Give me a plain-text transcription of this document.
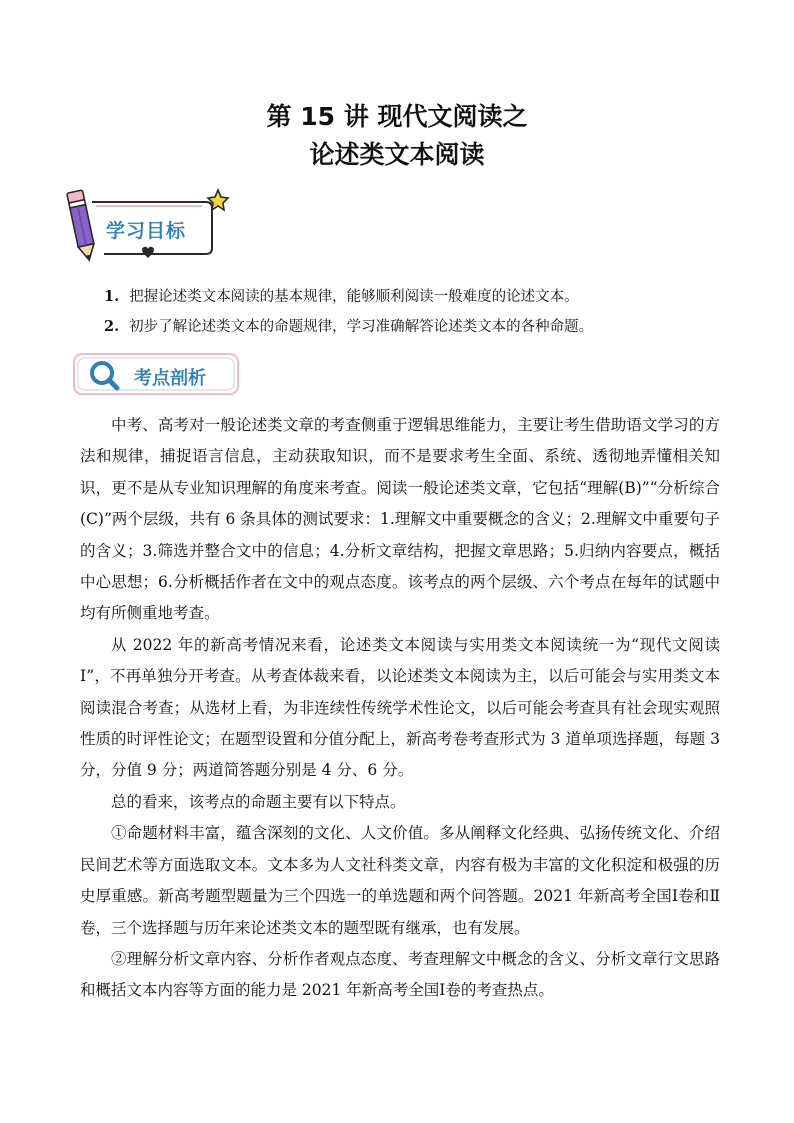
第 15 讲 现代文阅读之
论述类文本阅读
学习目标
1. 把握论述类文本阅读的基本规律，能够顺利阅读一般难度的论述文本。
2. 初步了解论述类文本的命题规律，学习准确解答论述类文本的各种命题。
考点剖析

中考、高考对一般论述类文章的考查侧重于逻辑思维能力，主要让考生借助语文学习的方法和规律，捕捉语言信息，主动获取知识，而不是要求考生全面、系统、透彻地弄懂相关知识，更不是从专业知识理解的角度来考查。阅读一般论述类文章，它包括“理解(B)”“分析综合(C)”两个层级，共有 6 条具体的测试要求：1.理解文中重要概念的含义；2.理解文中重要句子的含义；3.筛选并整合文中的信息；4.分析文章结构，把握文章思路；5.归纳内容要点，概括中心思想；6.分析概括作者在文中的观点态度。该考点的两个层级、六个考点在每年的试题中均有所侧重地考查。

从 2022 年的新高考情况来看，论述类文本阅读与实用类文本阅读统一为“现代文阅读Ⅰ”，不再单独分开考查。从考查体裁来看，以论述类文本阅读为主，以后可能会与实用类文本阅读混合考查；从选材上看，为非连续性传统学术性论文，以后可能会考查具有社会现实观照性质的时评性论文；在题型设置和分值分配上，新高考卷考查形式为 3 道单项选择题，每题 3 分，分值 9 分；两道简答题分别是 4 分、6 分。

总的看来，该考点的命题主要有以下特点。

①命题材料丰富，蕴含深刻的文化、人文价值。多从阐释文化经典、弘扬传统文化、介绍民间艺术等方面选取文本。文本多为人文社科类文章，内容有极为丰富的文化积淀和极强的历史厚重感。新高考题型题量为三个四选一的单选题和两个问答题。2021 年新高考全国Ⅰ卷和Ⅱ卷，三个选择题与历年来论述类文本的题型既有继承，也有发展。

②理解分析文章内容、分析作者观点态度、考查理解文中概念的含义、分析文章行文思路和概括文本内容等方面的能力是 2021 年新高考全国Ⅰ卷的考查热点。
